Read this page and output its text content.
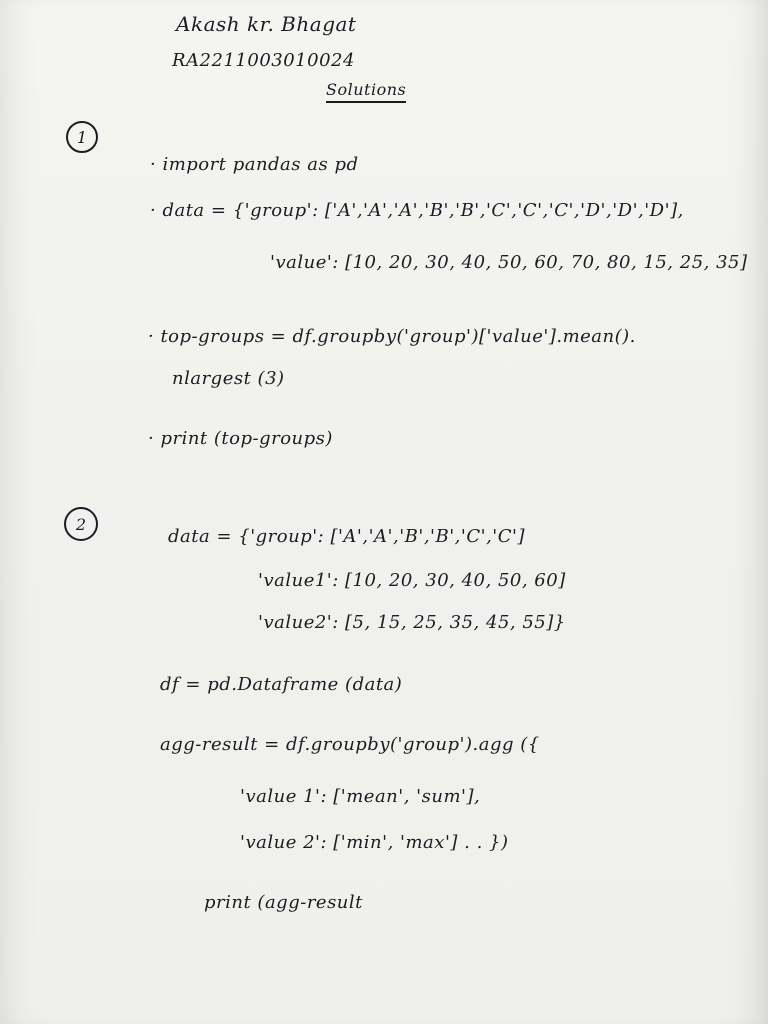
Akash kr. Bhagat
RA2211003010024
Solutions
1
· import pandas as pd
· data = {'group': ['A','A','A','B','B','C','C','C','D','D','D'],
'value': [10, 20, 30, 40, 50, 60, 70, 80, 15, 25, 35]
· top-groups = df.groupby('group')['value'].mean().
nlargest (3)
· print (top-groups)
2
data = {'group': ['A','A','B','B','C','C']
'value1': [10, 20, 30, 40, 50, 60]
'value2': [5, 15, 25, 35, 45, 55]}
df = pd.Dataframe (data)
agg-result = df.groupby('group').agg ({
'value 1': ['mean', 'sum'],
'value 2': ['min', 'max'] . . })
print (agg-result
